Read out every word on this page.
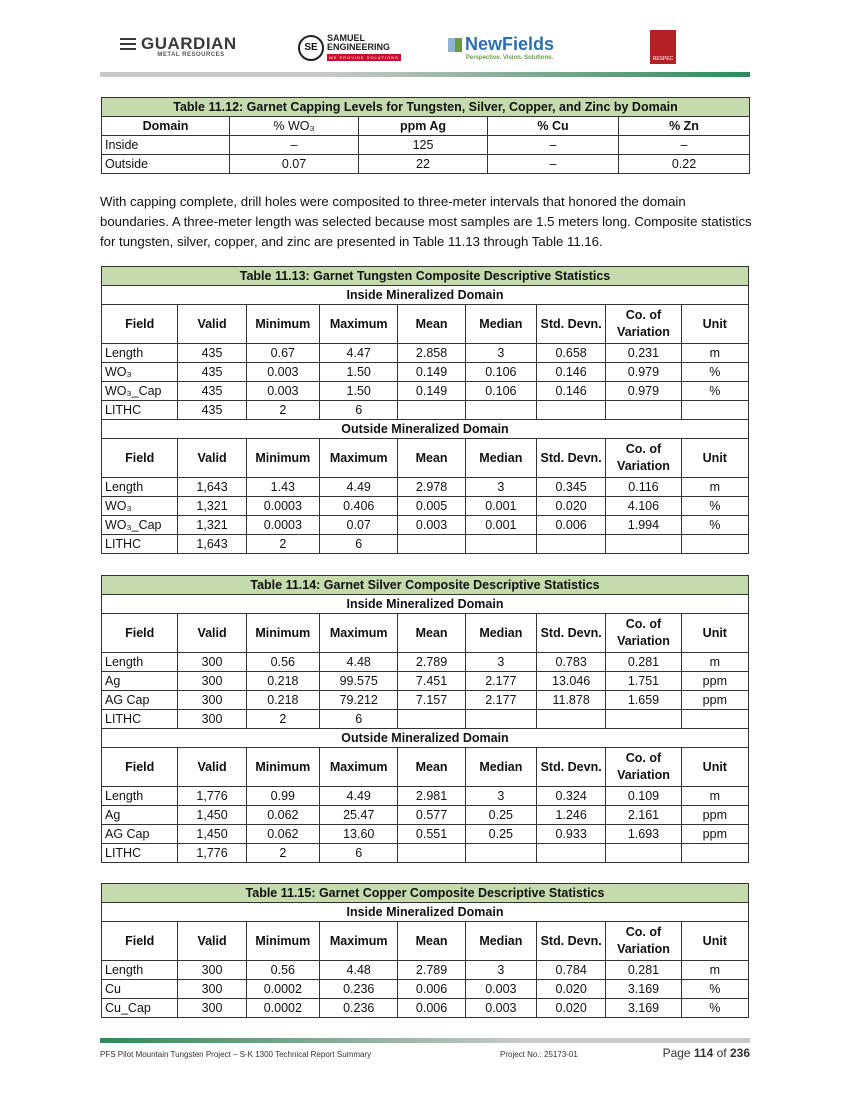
GUARDIAN
METAL RESOURCES
SE
SAMUEL
ENGINEERING
WE PROVIDE SOLUTIONS
NewFields
Perspective. Vision. Solutions.	RESPEC
Table 11.12: Garnet Capping Levels for Tungsten, Silver, Copper, and Zinc by Domain				
Domain	% WO₃	ppm Ag	% Cu	% Zn
Inside	–	125	–	–
Outside	0.07	22	–	0.22
With capping complete, drill holes were composited to three-meter intervals that honored the domain boundaries. A three-meter length was selected because most samples are 1.5 meters long. Composite statistics for tungsten, silver, copper, and zinc are presented in Table 11.13 through Table 11.16.
Table 11.13: Garnet Tungsten Composite Descriptive Statistics								
Inside Mineralized Domain								
Field	Valid	Minimum	Maximum	Mean	Median	Std. Devn.	Co. of Variation	Unit
Length	435	0.67	4.47	2.858	3	0.658	0.231	m
WO₃	435	0.003	1.50	0.149	0.106	0.146	0.979	%
WO₃_Cap	435	0.003	1.50	0.149	0.106	0.146	0.979	%
LITHC	435	2	6					
Outside Mineralized Domain								
Field	Valid	Minimum	Maximum	Mean	Median	Std. Devn.	Co. of Variation	Unit
Length	1,643	1.43	4.49	2.978	3	0.345	0.116	m
WO₃	1,321	0.0003	0.406	0.005	0.001	0.020	4.106	%
WO₃_Cap	1,321	0.0003	0.07	0.003	0.001	0.006	1.994	%
LITHC	1,643	2	6					
Table 11.14: Garnet Silver Composite Descriptive Statistics								
Inside Mineralized Domain								
Field	Valid	Minimum	Maximum	Mean	Median	Std. Devn.	Co. of Variation	Unit
Length	300	0.56	4.48	2.789	3	0.783	0.281	m
Ag	300	0.218	99.575	7.451	2.177	13.046	1.751	ppm
AG Cap	300	0.218	79.212	7.157	2.177	11.878	1.659	ppm
LITHC	300	2	6					
Outside Mineralized Domain								
Field	Valid	Minimum	Maximum	Mean	Median	Std. Devn.	Co. of Variation	Unit
Length	1,776	0.99	4.49	2.981	3	0.324	0.109	m
Ag	1,450	0.062	25.47	0.577	0.25	1.246	2.161	ppm
AG Cap	1,450	0.062	13.60	0.551	0.25	0.933	1.693	ppm
LITHC	1,776	2	6					
Table 11.15: Garnet Copper Composite Descriptive Statistics								
Inside Mineralized Domain								
Field	Valid	Minimum	Maximum	Mean	Median	Std. Devn.	Co. of Variation	Unit
Length	300	0.56	4.48	2.789	3	0.784	0.281	m
Cu	300	0.0002	0.236	0.006	0.003	0.020	3.169	%
Cu_Cap	300	0.0002	0.236	0.006	0.003	0.020	3.169	%
PFS Pilot Mountain Tungsten Project – S-K 1300 Technical Report Summary	Project No.: 25173-01	Page 114 of 236
